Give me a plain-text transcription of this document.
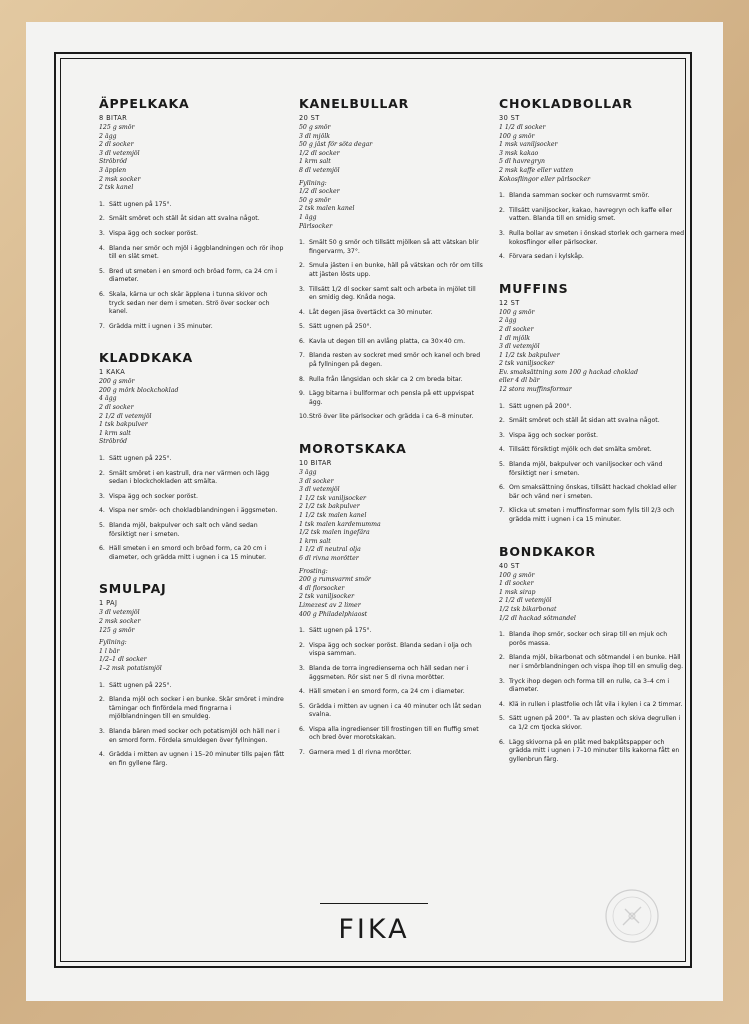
ÄPPELKAKA
8 BITAR
125 g smör
2 ägg
2 dl socker
3 dl vetemjöl
Ströbröd
3 äpplen
2 msk socker
2 tsk kanel
1. Sätt ugnen på 175°.
2. Smält smöret och ställ åt sidan att svalna något.
3. Vispa ägg och socker poröst.
4. Blanda ner smör och mjöl i äggblandningen och rör ihop till en slät smet.
5. Bred ut smeten i en smord och bröad form, ca 24 cm i diameter.
6. Skala, kärna ur och skär äpplena i tunna skivor och tryck sedan ner dem i smeten. Strö över socker och kanel.
7. Grädda mitt i ugnen i 35 minuter.
KLADDKAKA
1 KAKA
200 g smör
200 g mörk blockchoklad
4 ägg
2 dl socker
2 1/2 dl vetemjöl
1 tsk bakpulver
1 krm salt
Ströbröd
1. Sätt ugnen på 225°.
2. Smält smöret i en kastrull, dra ner värmen och lägg sedan i blockchokladen att smälta.
3. Vispa ägg och socker poröst.
4. Vispa ner smör- och chokladblandningen i äggsmeten.
5. Blanda mjöl, bakpulver och salt och vänd sedan försiktigt ner i smeten.
6. Häll smeten i en smord och bröad form, ca 20 cm i diameter, och grädda mitt i ugnen i ca 15 minuter.
SMULPAJ
1 PAJ
3 dl vetemjöl
2 msk socker
125 g smör
Fyllning:
1 l bär
1/2–1 dl socker
1–2 msk potatismjöl
1. Sätt ugnen på 225°.
2. Blanda mjöl och socker i en bunke. Skär smöret i mindre tärningar och finfördela med fingrarna i mjölblandningen till en smuldeg.
3. Blanda bären med socker och potatismjöl och häll ner i en smord form. Fördela smuldegen över fyllningen.
4. Grädda i mitten av ugnen i 15–20 minuter tills pajen fått en fin gyllene färg.
KANELBULLAR
20 ST
50 g smör
3 dl mjölk
50 g jäst för söta degar
1/2 dl socker
1 krm salt
8 dl vetemjöl
Fyllning:
1/2 dl socker
50 g smör
2 tsk malen kanel
1 ägg
Pärlsocker
1. Smält 50 g smör och tillsätt mjölken så att vätskan blir fingervarm, 37°.
2. Smula jästen i en bunke, häll på vätskan och rör om tills att jästen lösts upp.
3. Tillsätt 1/2 dl socker samt salt och arbeta in mjölet till en smidig deg. Knåda noga.
4. Låt degen jäsa övertäckt ca 30 minuter.
5. Sätt ugnen på 250°.
6. Kavla ut degen till en avlång platta, ca 30×40 cm.
7. Blanda resten av sockret med smör och kanel och bred på fyllningen på degen.
8. Rulla från långsidan och skär ca 2 cm breda bitar.
9. Lägg bitarna i bullformar och pensla på ett uppvispat ägg.
10. Strö över lite pärlsocker och grädda i ca 6–8 minuter.
MOROTSKAKA
10 BITAR
3 ägg
3 dl socker
3 dl vetemjöl
1 1/2 tsk vaniljsocker
2 1/2 tsk bakpulver
1 1/2 tsk malen kanel
1 tsk malen kardemumma
1/2 tsk malen ingefära
1 krm salt
1 1/2 dl neutral olja
6 dl rivna morötter
Frosting:
200 g rumsvarmt smör
4 dl florsocker
2 tsk vaniljsocker
Limezest av 2 limer
400 g Philadelphiaost
1. Sätt ugnen på 175°.
2. Vispa ägg och socker poröst. Blanda sedan i olja och vispa samman.
3. Blanda de torra ingredienserna och häll sedan ner i äggsmeten. Rör sist ner 5 dl rivna morötter.
4. Häll smeten i en smord form, ca 24 cm i diameter.
5. Grädda i mitten av ugnen i ca 40 minuter och låt sedan svalna.
6. Vispa alla ingredienser till frostingen till en fluffig smet och bred över morotskakan.
7. Garnera med 1 dl rivna morötter.
CHOKLADBOLLAR
30 ST
1 1/2 dl socker
100 g smör
1 msk vaniljsocker
3 msk kakao
5 dl havregryn
2 msk kaffe eller vatten
Kokosflingor eller pärlsocker
1. Blanda samman socker och rumsvarmt smör.
2. Tillsätt vaniljsocker, kakao, havregryn och kaffe eller vatten. Blanda till en smidig smet.
3. Rulla bollar av smeten i önskad storlek och garnera med kokosflingor eller pärlsocker.
4. Förvara sedan i kylskåp.
MUFFINS
12 ST
100 g smör
2 ägg
2 dl socker
1 dl mjölk
3 dl vetemjöl
1 1/2 tsk bakpulver
2 tsk vaniljsocker
Ev. smaksättning som 100 g hackad choklad
eller 4 dl bär
12 stora muffinsformar
1. Sätt ugnen på 200°.
2. Smält smöret och ställ åt sidan att svalna något.
3. Vispa ägg och socker poröst.
4. Tillsätt försiktigt mjölk och det smälta smöret.
5. Blanda mjöl, bakpulver och vaniljsocker och vänd försiktigt ner i smeten.
6. Om smaksättning önskas, tillsätt hackad choklad eller bär och vänd ner i smeten.
7. Klicka ut smeten i muffinsformar som fylls till 2/3 och grädda mitt i ugnen i ca 15 minuter.
BONDKAKOR
40 ST
100 g smör
1 dl socker
1 msk sirap
2 1/2 dl vetemjöl
1/2 tsk bikarbonat
1/2 dl hackad sötmandel
1. Blanda ihop smör, socker och sirap till en mjuk och porös massa.
2. Blanda mjöl, bikarbonat och sötmandel i en bunke. Häll ner i smörblandningen och vispa ihop till en smulig deg.
3. Tryck ihop degen och forma till en rulle, ca 3–4 cm i diameter.
4. Klä in rullen i plastfolie och låt vila i kylen i ca 2 timmar.
5. Sätt ugnen på 200°. Ta av plasten och skiva degrullen i ca 1/2 cm tjocka skivor.
6. Lägg skivorna på en plåt med bakplåtspapper och grädda mitt i ugnen i 7–10 minuter tills kakorna fått en gyllenbrun färg.
FIKA
